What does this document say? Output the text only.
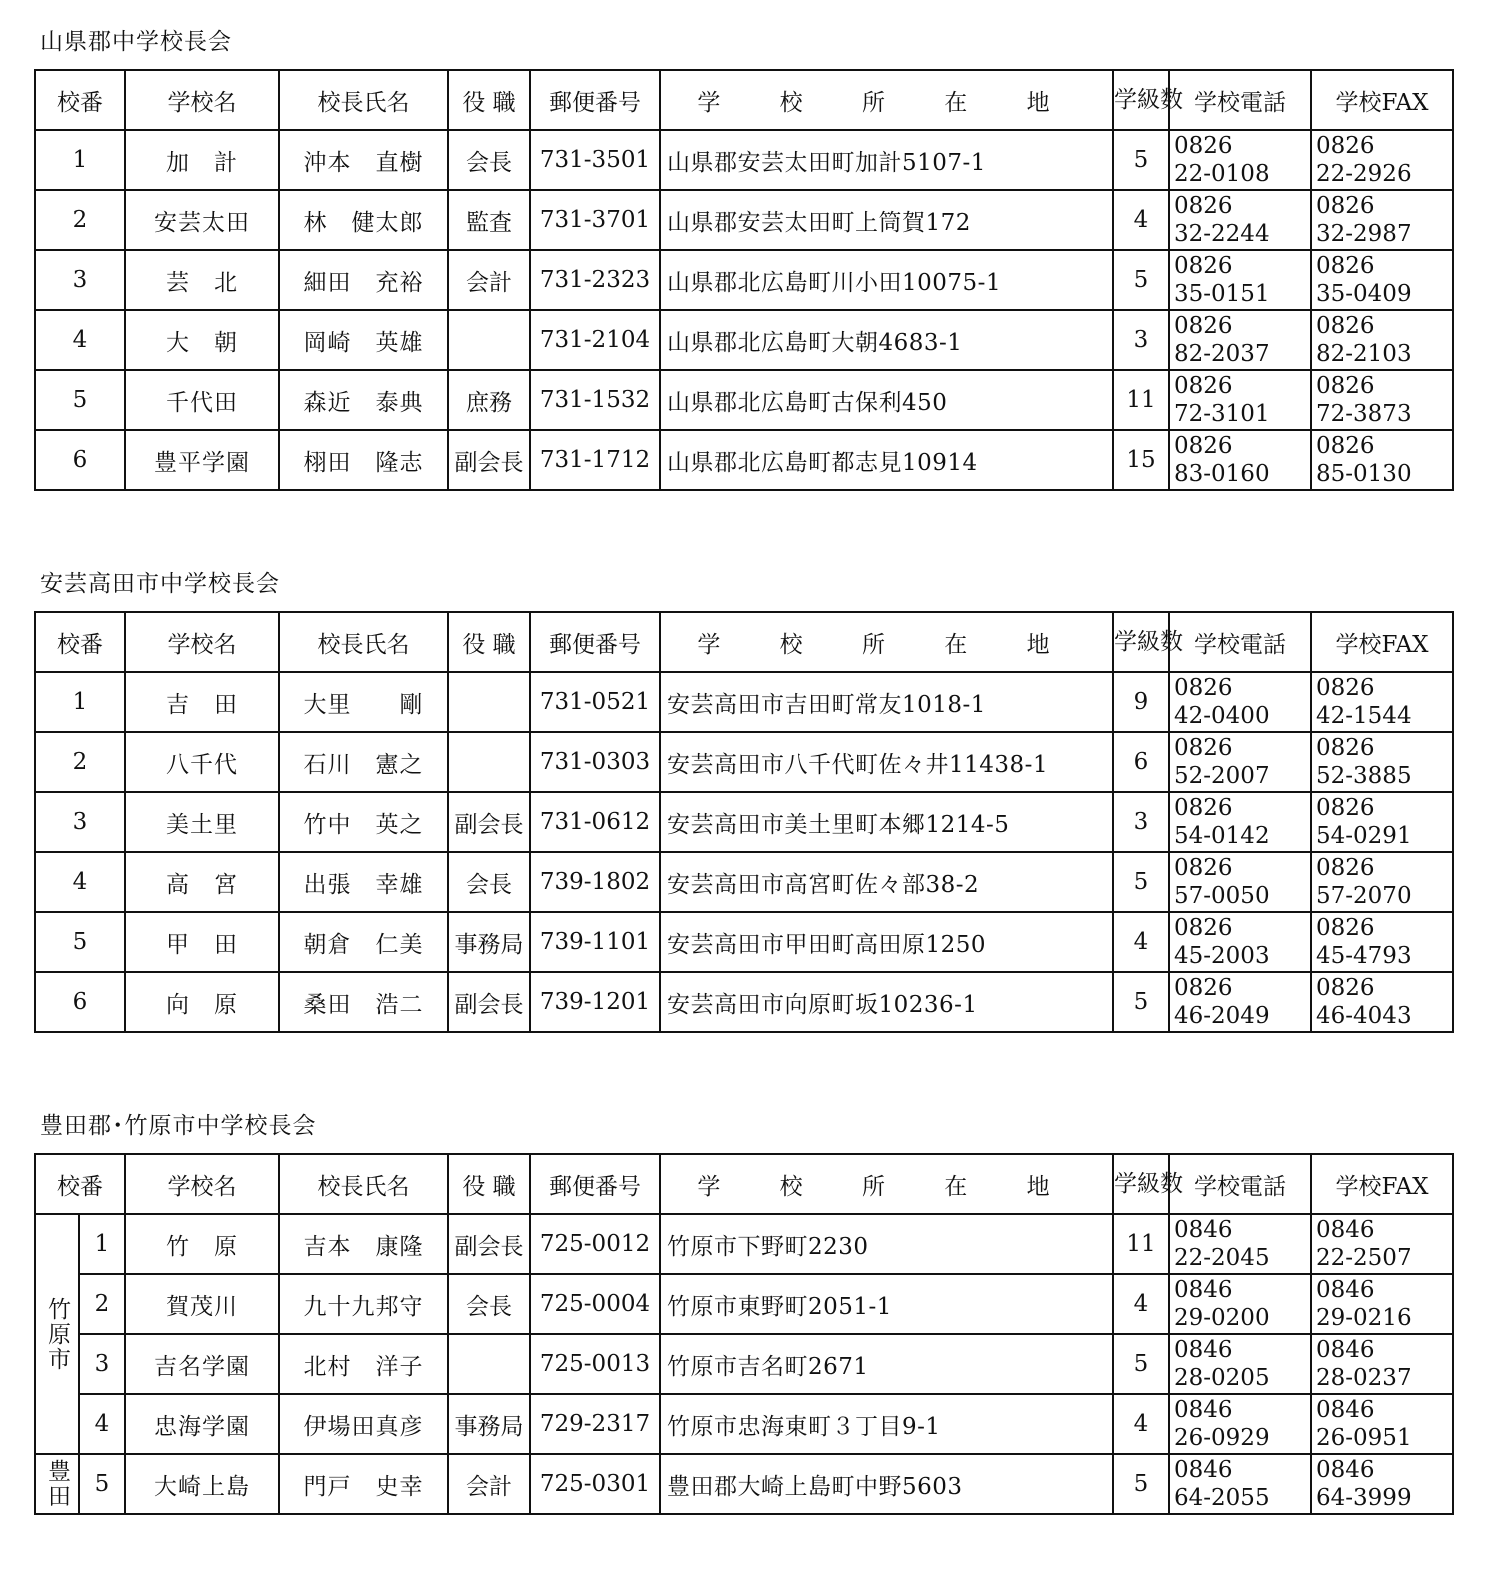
山県郡中学校長会
校番	学校名	校長氏名	役 職	郵便番号	学 校 所 在 地	学級数	学校電話	学校FAX
1	加　計	沖本　直樹	会長	731-3501	山県郡安芸太田町加計5107-1	5	0826
22-0108	0826
22-2926

2	安芸太田	林　健太郎	監査	731-3701	山県郡安芸太田町上筒賀172	4	0826
32-2244	0826
32-2987

3	芸　北	細田　充裕	会計	731-2323	山県郡北広島町川小田10075-1	5	0826
35-0151	0826
35-0409

4	大　朝	岡崎　英雄		731-2104	山県郡北広島町大朝4683-1	3	0826
82-2037	0826
82-2103

5	千代田	森近　泰典	庶務	731-1532	山県郡北広島町古保利450	11	0826
72-3101	0826
72-3873

6	豊平学園	栩田　隆志	副会長	731-1712	山県郡北広島町都志見10914	15	0826
83-0160	0826
85-0130
安芸高田市中学校長会
校番	学校名	校長氏名	役 職	郵便番号	学 校 所 在 地	学級数	学校電話	学校FAX
1	吉　田	大里　　剛		731-0521	安芸高田市吉田町常友1018-1	9	0826
42-0400	0826
42-1544

2	八千代	石川　憲之		731-0303	安芸高田市八千代町佐々井11438-1	6	0826
52-2007	0826
52-3885

3	美土里	竹中　英之	副会長	731-0612	安芸高田市美土里町本郷1214-5	3	0826
54-0142	0826
54-0291

4	高　宮	出張　幸雄	会長	739-1802	安芸高田市高宮町佐々部38-2	5	0826
57-0050	0826
57-2070

5	甲　田	朝倉　仁美	事務局	739-1101	安芸高田市甲田町高田原1250	4	0826
45-2003	0826
45-4793

6	向　原	桑田　浩二	副会長	739-1201	安芸高田市向原町坂10236-1	5	0826
46-2049	0826
46-4043
豊田郡･竹原市中学校長会
校番		学校名	校長氏名	役 職	郵便番号	学 校 所 在 地	学級数	学校電話	学校FAX

竹原市	1	竹　原	吉本　康隆	副会長	725-0012	竹原市下野町2230	11	0846
22-2045	0846
22-2507

	2	賀茂川	九十九邦守	会長	725-0004	竹原市東野町2051-1	4	0846
29-0200	0846
29-0216

	3	吉名学園	北村　洋子		725-0013	竹原市吉名町2671	5	0846
28-0205	0846
28-0237

	4	忠海学園	伊場田真彦	事務局	729-2317	竹原市忠海東町３丁目9-1	4	0846
26-0929	0846
26-0951

豊田	5	大崎上島	門戸　史幸	会計	725-0301	豊田郡大崎上島町中野5603	5	0846
64-2055	0846
64-3999
